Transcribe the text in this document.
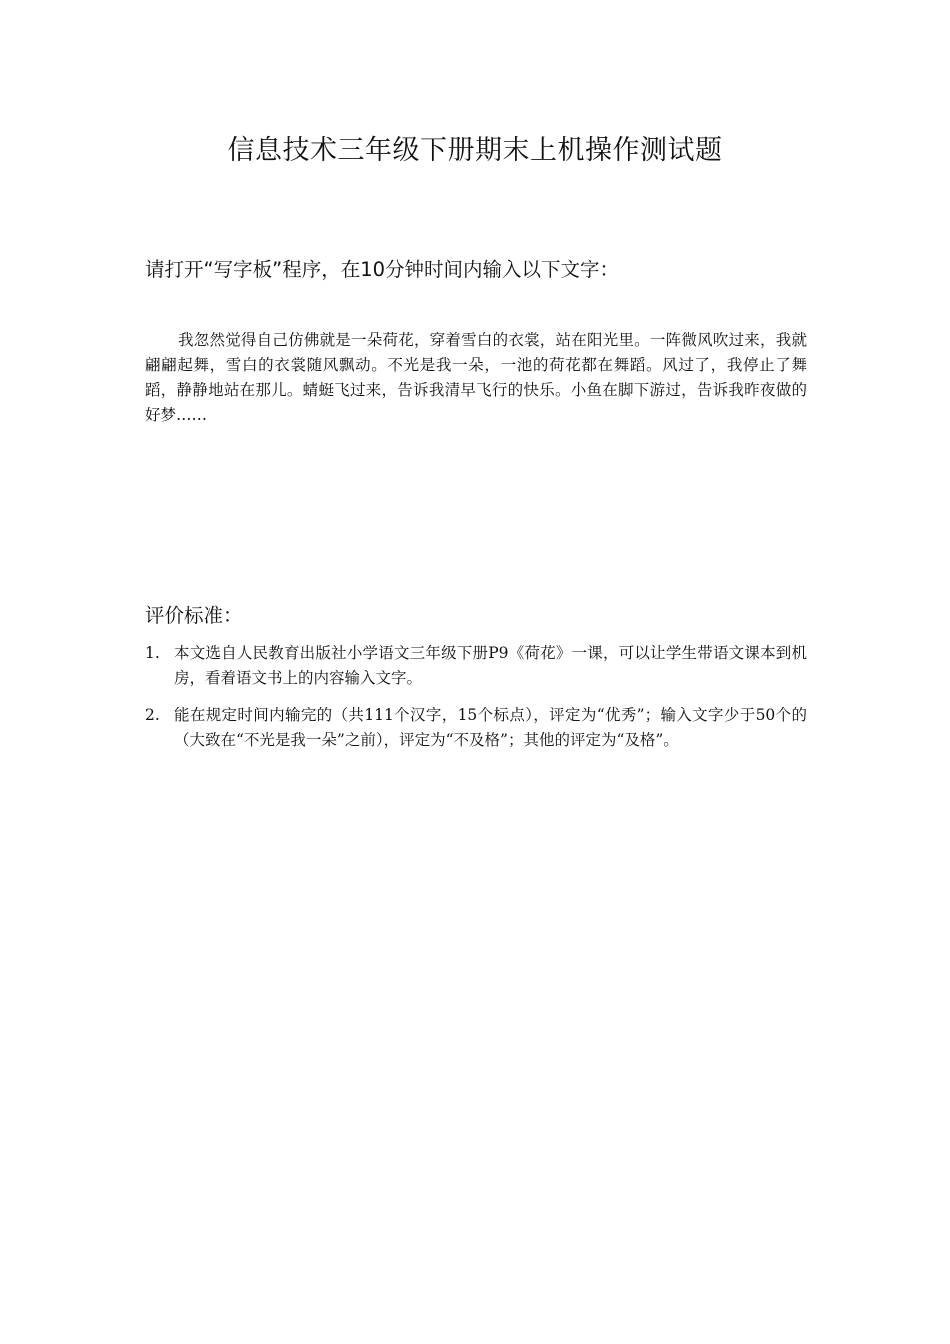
信息技术三年级下册期末上机操作测试题

请打开“写字板”程序，在10分钟时间内输入以下文字：

我忽然觉得自己仿佛就是一朵荷花，穿着雪白的衣裳，站在阳光里。一阵微风吹过来，我就翩翩起舞，雪白的衣裳随风飘动。不光是我一朵，一池的荷花都在舞蹈。风过了，我停止了舞蹈，静静地站在那儿。蜻蜓飞过来，告诉我清早飞行的快乐。小鱼在脚下游过，告诉我昨夜做的好梦……

评价标准：

1. 本文选自人民教育出版社小学语文三年级下册P9《荷花》一课，可以让学生带语文课本到机房，看着语文书上的内容输入文字。
2. 能在规定时间内输完的（共111个汉字，15个标点），评定为“优秀”；输入文字少于50个的（大致在“不光是我一朵”之前），评定为“不及格”；其他的评定为“及格”。
